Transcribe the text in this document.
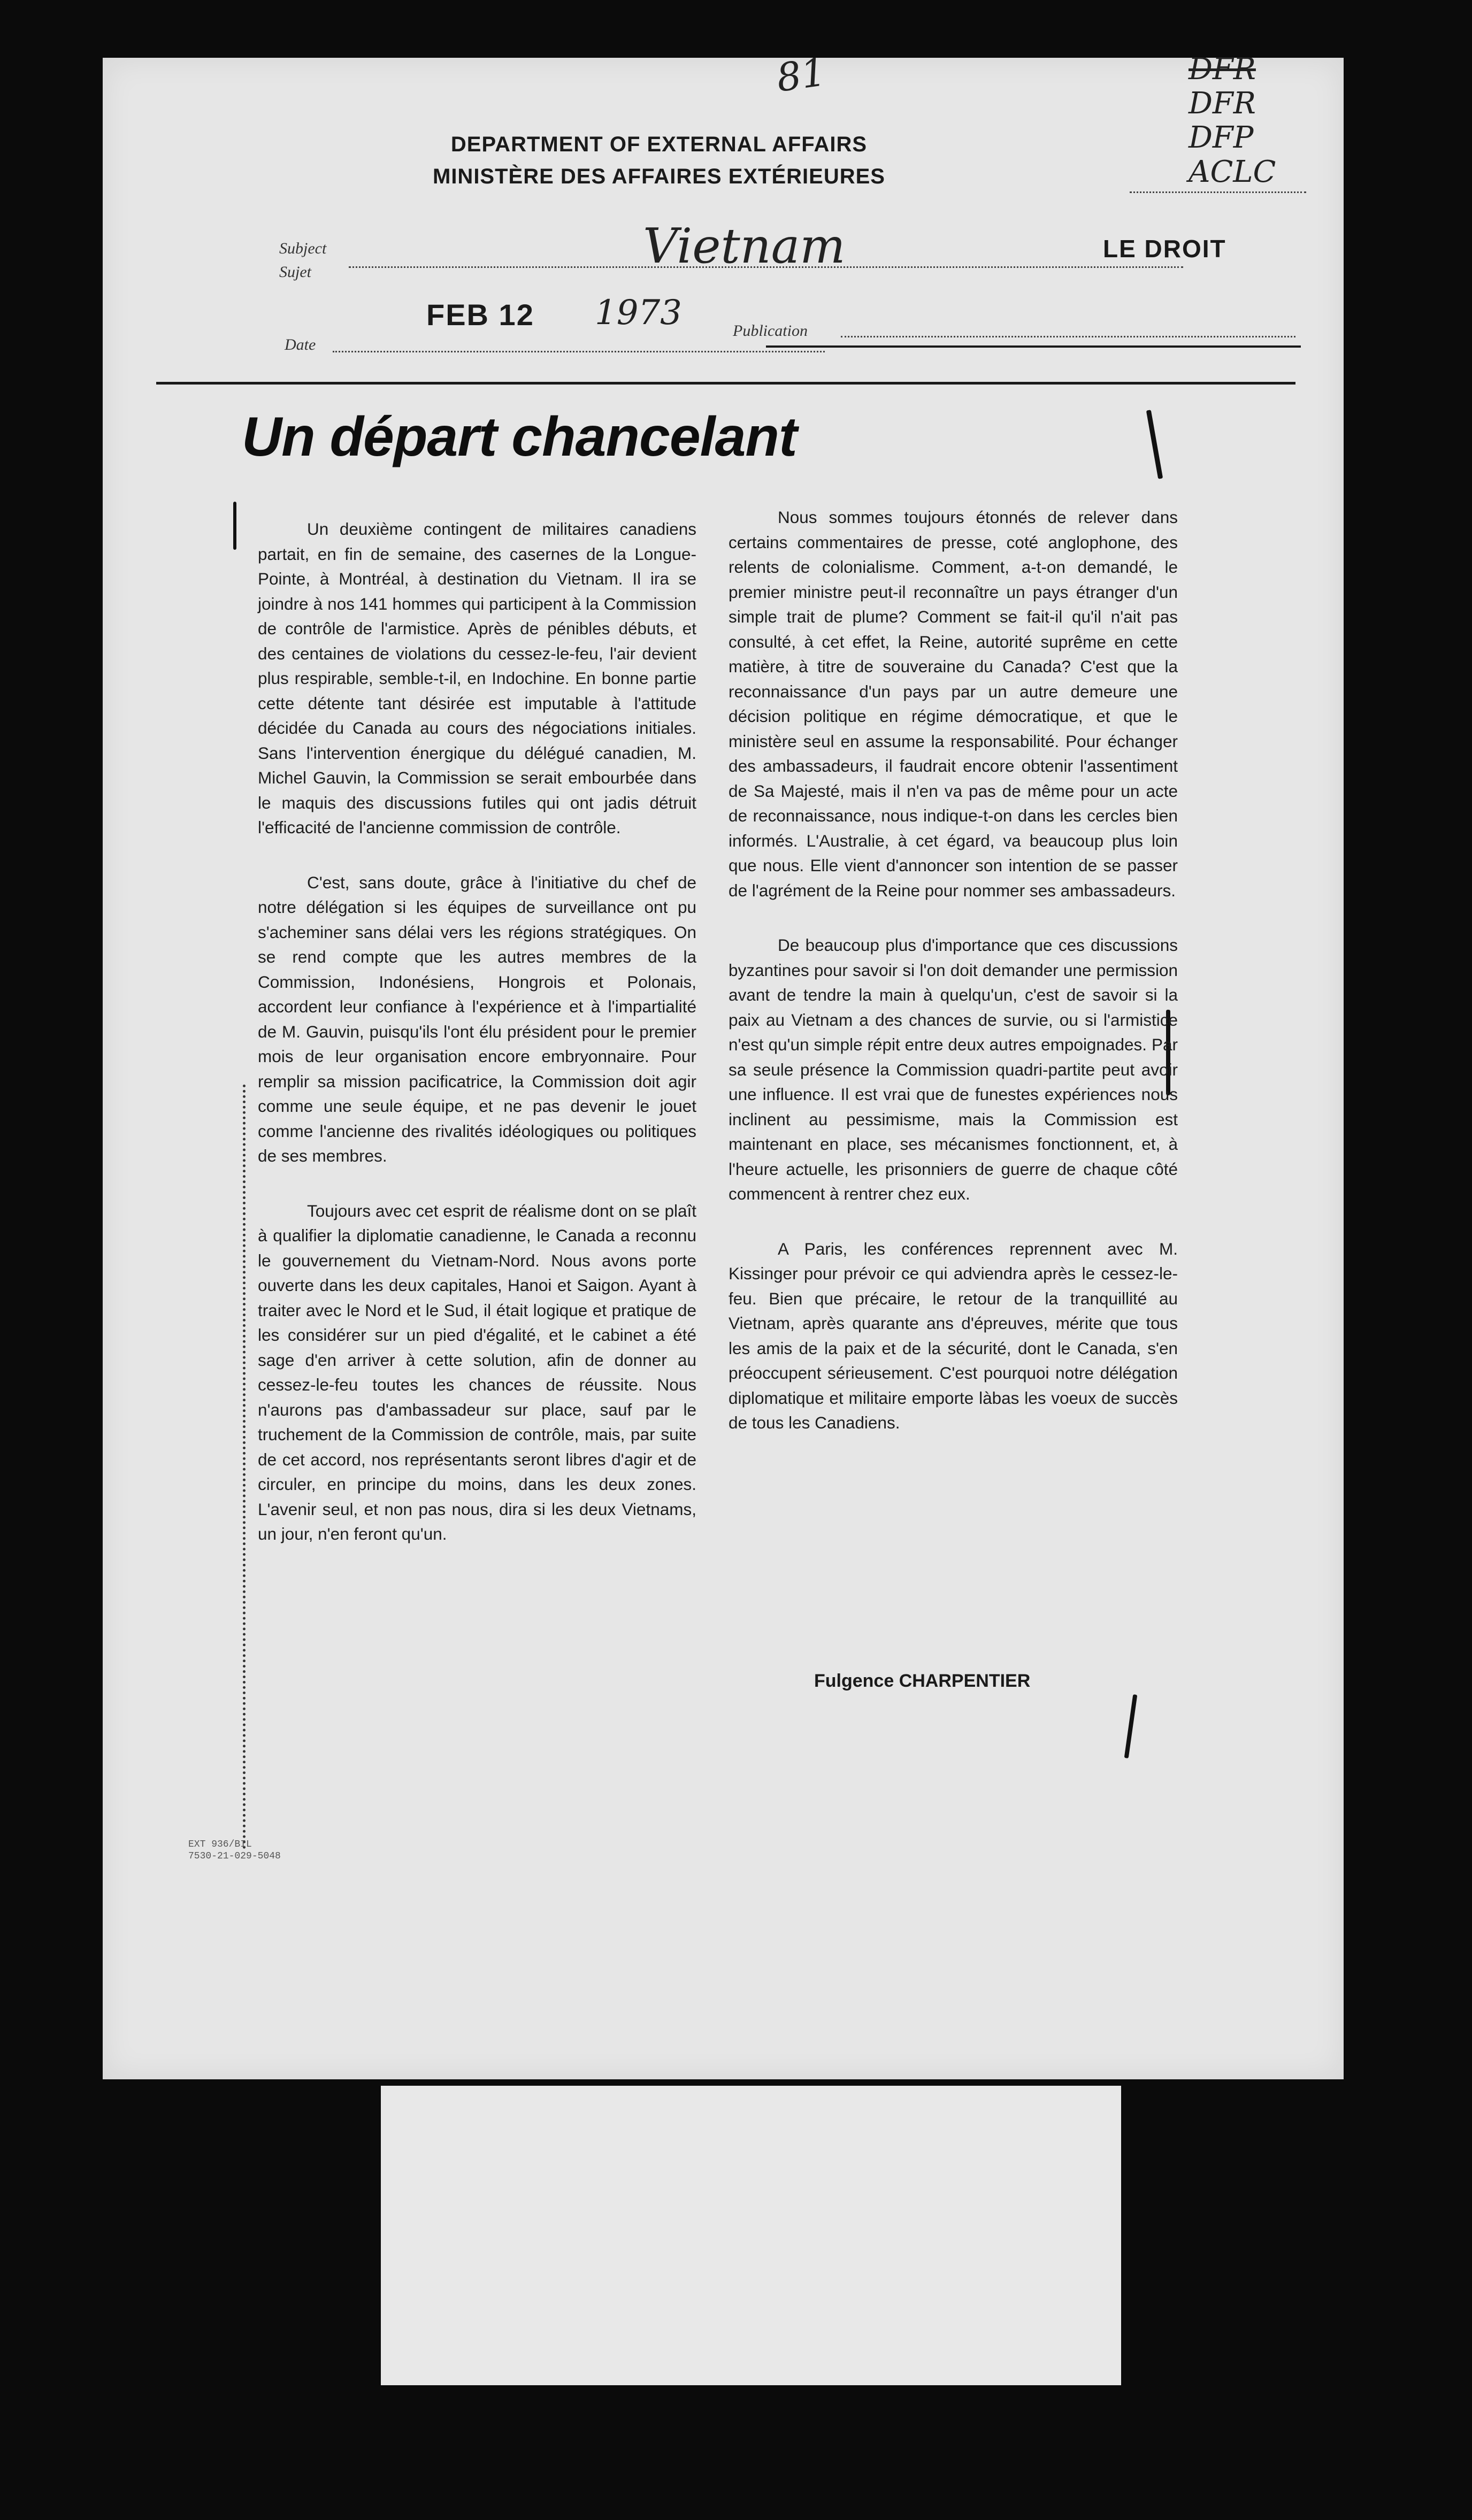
81	DFR
DFR
DFP
ACLC
DEPARTMENT OF EXTERNAL AFFAIRS
MINISTÈRE DES AFFAIRES EXTÉRIEURES
Subject
Sujet	Vietnam	LE DROIT
Date
FEB 12 1973	Publication
Un départ chancelant

Un deuxième contingent de militaires canadiens partait, en fin de semaine, des casernes de la Longue-Pointe, à Montréal, à destination du Vietnam. Il ira se joindre à nos 141 hommes qui participent à la Commission de contrôle de l'armistice. Après de pénibles débuts, et des centaines de violations du cessez-le-feu, l'air devient plus respirable, semble-t-il, en Indochine. En bonne partie cette détente tant désirée est imputable à l'attitude décidée du Canada au cours des négociations initiales. Sans l'intervention énergique du délégué canadien, M. Michel Gauvin, la Commission se serait embourbée dans le maquis des discussions futiles qui ont jadis détruit l'efficacité de l'ancienne commission de contrôle.

C'est, sans doute, grâce à l'initiative du chef de notre délégation si les équipes de surveillance ont pu s'acheminer sans délai vers les régions stratégiques. On se rend compte que les autres membres de la Commission, Indonésiens, Hongrois et Polonais, accordent leur confiance à l'expérience et à l'impartialité de M. Gauvin, puisqu'ils l'ont élu président pour le premier mois de leur organisation encore embryonnaire. Pour remplir sa mission pacificatrice, la Commission doit agir comme une seule équipe, et ne pas devenir le jouet comme l'ancienne des rivalités idéologiques ou politiques de ses membres.

Toujours avec cet esprit de réalisme dont on se plaît à qualifier la diplomatie canadienne, le Canada a reconnu le gouvernement du Vietnam-Nord. Nous avons porte ouverte dans les deux capitales, Hanoi et Saigon. Ayant à traiter avec le Nord et le Sud, il était logique et pratique de les considérer sur un pied d'égalité, et le cabinet a été sage d'en arriver à cette solution, afin de donner au cessez-le-feu toutes les chances de réussite. Nous n'aurons pas d'ambassadeur sur place, sauf par le truchement de la Commission de contrôle, mais, par suite de cet accord, nos représentants seront libres d'agir et de circuler, en principe du moins, dans les deux zones. L'avenir seul, et non pas nous, dira si les deux Vietnams, un jour, n'en feront qu'un.

Nous sommes toujours étonnés de relever dans certains commentaires de presse, coté anglophone, des relents de colonialisme. Comment, a-t-on demandé, le premier ministre peut-il reconnaître un pays étranger d'un simple trait de plume? Comment se fait-il qu'il n'ait pas consulté, à cet effet, la Reine, autorité suprême en cette matière, à titre de souveraine du Canada? C'est que la reconnaissance d'un pays par un autre demeure une décision politique en régime démocratique, et que le ministère seul en assume la responsabilité. Pour échanger des ambassadeurs, il faudrait encore obtenir l'assentiment de Sa Majesté, mais il n'en va pas de même pour un acte de reconnaissance, nous indique-t-on dans les cercles bien informés. L'Australie, à cet égard, va beaucoup plus loin que nous. Elle vient d'annoncer son intention de se passer de l'agrément de la Reine pour nommer ses ambassadeurs.

De beaucoup plus d'importance que ces discussions byzantines pour savoir si l'on doit demander une permission avant de tendre la main à quelqu'un, c'est de savoir si la paix au Vietnam a des chances de survie, ou si l'armistice n'est qu'un simple répit entre deux autres empoignades. Par sa seule présence la Commission quadri-partite peut avoir une influence. Il est vrai que de funestes expériences nous inclinent au pessimisme, mais la Commission est maintenant en place, ses mécanismes fonctionnent, et, à l'heure actuelle, les prisonniers de guerre de chaque côté commencent à rentrer chez eux.

A Paris, les conférences reprennent avec M. Kissinger pour prévoir ce qui adviendra après le cessez-le-feu. Bien que précaire, le retour de la tranquillité au Vietnam, après quarante ans d'épreuves, mérite que tous les amis de la paix et de la sécurité, dont le Canada, s'en préoccupent sérieusement. C'est pourquoi notre délégation diplomatique et militaire emporte làbas les voeux de succès de tous les Canadiens.

Fulgence CHARPENTIER
EXT 936/BIL
7530-21-029-5048
